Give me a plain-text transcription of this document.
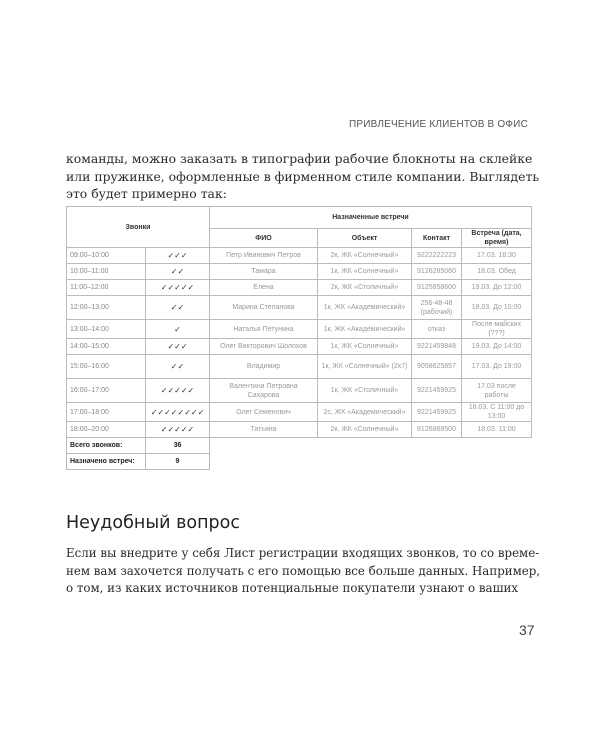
ПРИВЛЕЧЕНИЕ КЛИЕНТОВ В ОФИС
команды, можно заказать в типографии рабочие блокноты на склейке
или пружинке, оформленные в фирменном стиле компании. Выглядеть
это будет примерно так:
Звонки		Назначенные встречи			
		ФИО	Объект	Контакт	Встреча (дата, время)
09:00–10:00	✓✓✓	Петр Иванович Петров	2к, ЖК «Солнечный»	9222222223	17.03. 18:30
10:00–11:00	✓✓	Тамара	1к, ЖК «Солнечный»	9126285060	18.03. Обед
11:00–12:00	✓✓✓✓✓	Елена	2к, ЖК «Столичный»	9125858600	19.03. До 12:00
12:00–13:00	✓✓	Марина Степанова	1к, ЖК «Академический»	256-48-48 (рабочий)	18.03. До 10:00
13:00–14:00	✓	Наталья Петунина	1к, ЖК «Академический»	отказ	После майских (???)
14:00–15:00	✓✓✓	Олег Викторович Шолохов	1к, ЖК «Солнечный»	9221459848	19.03. До 14:00
15:00–16:00	✓✓	Владимир	1к, ЖК «Солнечный» (2х7)	9058625857	17.03. До 19:00
16:00–17:00	✓✓✓✓✓	Валентина Петровна Сахарова	1к, ЖК «Столичный»	9221459925	17.03 после работы
17:00–18:00	✓✓✓✓✓✓✓✓	Олег Семенович	2с, ЖК «Академический»	9221459925	18.03. С 11:00 до 13:00
18:00–20:00	✓✓✓✓✓	Татьяна	2к, ЖК «Солнечный»	9126868500	18.03. 11:00
Всего звонков:	36				
Назначено встреч:	9				
Неудобный вопрос
Если вы внедрите у себя Лист регистрации входящих звонков, то со време-
нем вам захочется получать с его помощью все больше данных. Например,
о том, из каких источников потенциальные покупатели узнают о ваших
37
